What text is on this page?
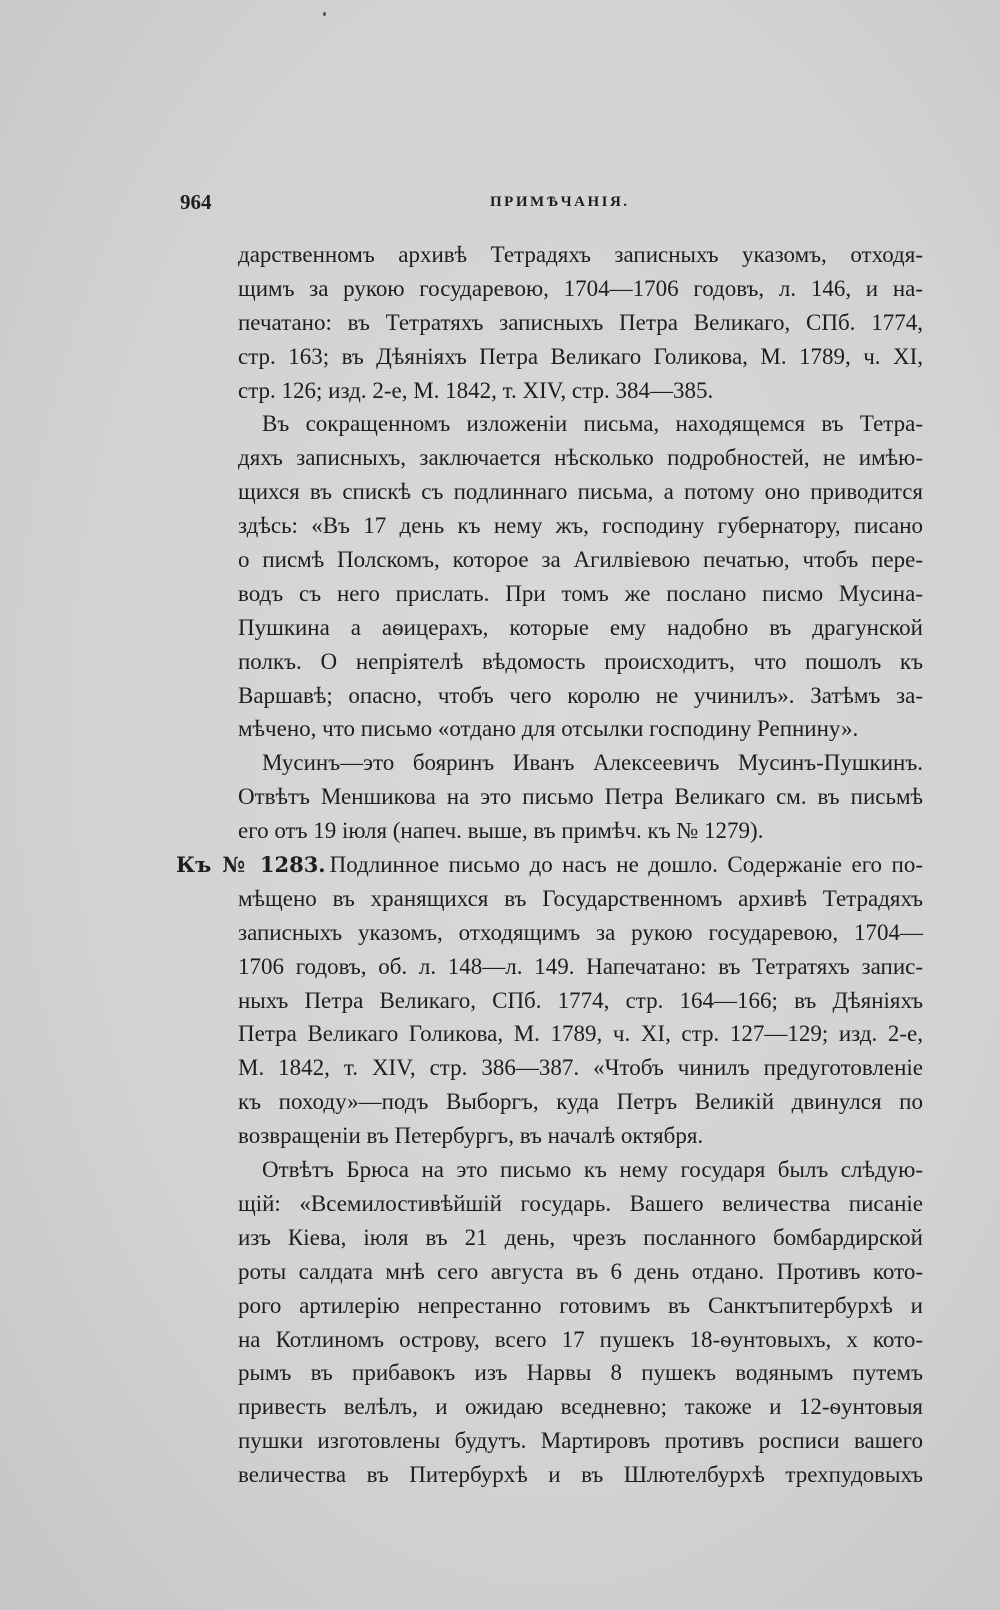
964	ПРИМѢЧАНІЯ.
дарственномъ архивѣ Тетрадяхъ записныхъ указомъ, отходя-
щимъ за рукою государевою, 1704—1706 годовъ, л. 146, и на-
печатано: въ Тетратяхъ записныхъ Петра Великаго, СПб. 1774,
стр. 163; въ Дѣяніяхъ Петра Великаго Голикова, М. 1789, ч. XI,
стр. 126; изд. 2-е, М. 1842, т. XIV, стр. 384—385.
Въ сокращенномъ изложеніи письма, находящемся въ Тетра-
дяхъ записныхъ, заключается нѣсколько подробностей, не имѣю-
щихся въ спискѣ съ подлиннаго письма, а потому оно приводится
здѣсь: «Въ 17 день къ нему жъ, господину губернатору, писано
о писмѣ Полскомъ, которое за Агилвіевою печатью, чтобъ пере-
водъ съ него прислать. При томъ же послано писмо Мусина-
Пушкина а аѳицерахъ, которые ему надобно въ драгунской
полкъ. О непріятелѣ вѣдомость происходитъ, что пошолъ къ
Варшавѣ; опасно, чтобъ чего королю не учинилъ». Затѣмъ за-
мѣчено, что письмо «отдано для отсылки господину Репнину».
Мусинъ—это бояринъ Иванъ Алексеевичъ Мусинъ-Пушкинъ.
Отвѣтъ Меншикова на это письмо Петра Великаго см. въ письмѣ
его отъ 19 іюля (напеч. выше, въ примѣч. къ № 1279).
Къ № 1283. Подлинное письмо до насъ не дошло. Содержаніе его по-
мѣщено въ хранящихся въ Государственномъ архивѣ Тетрадяхъ
записныхъ указомъ, отходящимъ за рукою государевою, 1704—
1706 годовъ, об. л. 148—л. 149. Напечатано: въ Тетратяхъ запис-
ныхъ Петра Великаго, СПб. 1774, стр. 164—166; въ Дѣяніяхъ
Петра Великаго Голикова, М. 1789, ч. XI, стр. 127—129; изд. 2-е,
М. 1842, т. XIV, стр. 386—387. «Чтобъ чинилъ предуготовленіе
къ походу»—подъ Выборгъ, куда Петръ Великій двинулся по
возвращеніи въ Петербургъ, въ началѣ октября.
Отвѣтъ Брюса на это письмо къ нему государя былъ слѣдую-
щій: «Всемилостивѣйшій государь. Вашего величества писаніе
изъ Кіева, іюля въ 21 день, чрезъ посланного бомбардирской
роты салдата мнѣ сего августа въ 6 день отдано. Противъ кото-
рого артилерію непрестанно готовимъ въ Санктъпитербурхѣ и
на Котлиномъ острову, всего 17 пушекъ 18-ѳунтовыхъ, х кото-
рымъ въ прибавокъ изъ Нарвы 8 пушекъ водянымъ путемъ
привесть велѣлъ, и ожидаю вседневно; такоже и 12-ѳунтовыя
пушки изготовлены будутъ. Мартировъ противъ росписи вашего
величества въ Питербурхѣ и въ Шлютелбурхѣ трехпудовыхъ
